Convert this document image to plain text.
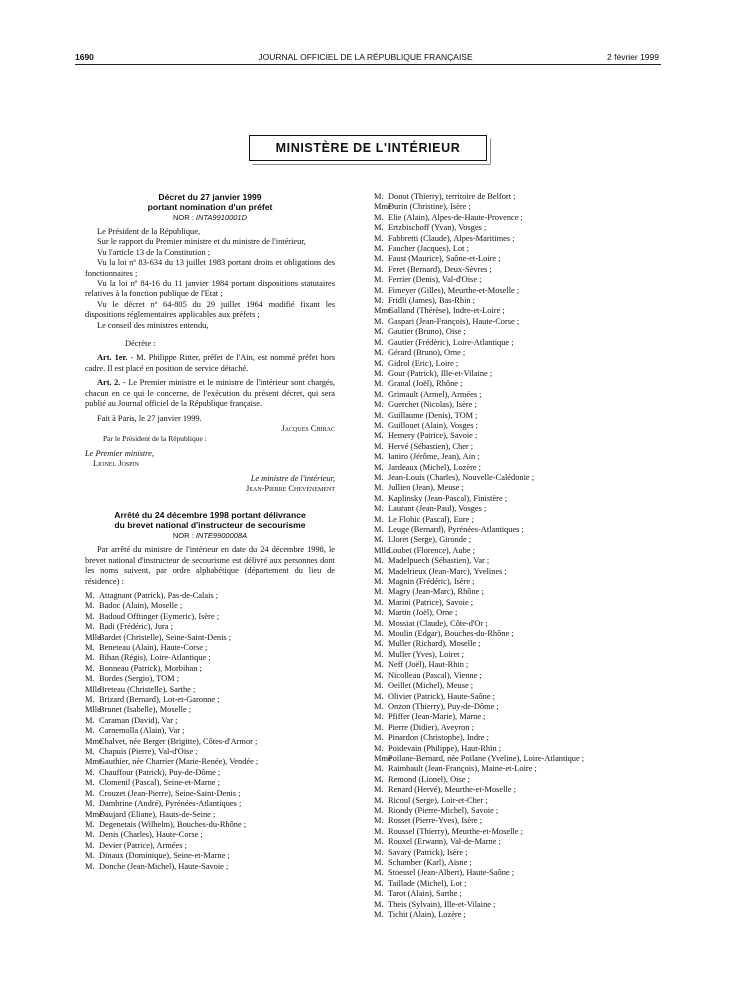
1690	JOURNAL OFFICIEL DE LA RÉPUBLIQUE FRANÇAISE	2 février 1999
MINISTÈRE DE L'INTÉRIEUR
Décret du 27 janvier 1999
portant nomination d'un préfet
NOR : INTA9910001D

Le Président de la République,

Sur le rapport du Premier ministre et du ministre de l'intérieur,

Vu l'article 13 de la Constitution ;

Vu la loi nº 83-634 du 13 juillet 1983 portant droits et obligations des fonctionnaires ;

Vu la loi nº 84-16 du 11 janvier 1984 portant dispositions statutaires relatives à la fonction publique de l'Etat ;

Vu le décret nº 64-805 du 29 juillet 1964 modifié fixant les dispositions réglementaires applicables aux préfets ;

Le conseil des ministres entendu,

Décrète :

Art. 1er. - M. Philippe Ritter, préfet de l'Ain, est nommé préfet hors cadre. Il est placé en position de service détaché.

Art. 2. - Le Premier ministre et le ministre de l'intérieur sont chargés, chacun en ce qui le concerne, de l'exécution du présent décret, qui sera publié au Journal officiel de la République française.

Fait à Paris, le 27 janvier 1999.

Jacques Chirac

Par le Président de la République :

Le Premier ministre,

Lionel Jospin

Le ministre de l'intérieur,

Jean-Pierre Chevènement

Arrêté du 24 décembre 1998 portant délivrance
du brevet national d'instructeur de secourisme
NOR : INTE9900008A

Par arrêté du ministre de l'intérieur en date du 24 décembre 1998, le brevet national d'instructeur de secourisme est délivré aux personnes dont les noms suivent, par ordre alphabétique (département du lieu de résidence) :

M. Attagnant (Patrick), Pas-de-Calais ;
M. Badoc (Alain), Moselle ;
M. Badoud Offtinger (Eymeric), Isère ;
M. Badi (Frédéric), Jura ;
MlleBardet (Christelle), Seine-Saint-Denis ;
M. Beneteau (Alain), Haute-Corse ;
M. Bihan (Régis), Loire-Atlantique ;
M. Bonneau (Patrick), Morbihan ;
M. Bordes (Sergio), TOM ;
MlleBreteau (Christelle), Sarthe ;
M. Brizard (Bernard), Lot-et-Garonne ;
MlleBrunet (Isabelle), Moselle ;
M. Caraman (David), Var ;
M. Carnemolla (Alain), Var ;
MmeChalvet, née Berger (Brigitte), Côtes-d'Armor ;
M. Chapuis (Pierre), Val-d'Oise ;
MmeGauthier, née Charrier (Marie-Renée), Vendée ;
M. Chauffour (Patrick), Puy-de-Dôme ;
M. Clomenil (Pascal), Seine-et-Marne ;
M. Crouzet (Jean-Pierre), Seine-Saint-Denis ;
M. Dambrine (André), Pyrénées-Atlantiques ;
MmeDaujard (Eliane), Hauts-de-Seine ;
M. Degenetais (Wilhelm), Bouches-du-Rhône ;
M. Denis (Charles), Haute-Corse ;
M. Devier (Patrice), Armées ;
M. Dinaux (Dominique), Seine-et-Marne ;
M. Donche (Jean-Michel), Haute-Savoie ;
M. Donot (Thierry), territoire de Belfort ;
MmeDurin (Christine), Isère ;
M. Elie (Alain), Alpes-de-Haute-Provence ;
M. Ertzbischoff (Yvan), Vosges ;
M. Fabbretti (Claude), Alpes-Maritimes ;
M. Faucher (Jacques), Lot ;
M. Faust (Maurice), Saône-et-Loire ;
M. Feret (Bernard), Deux-Sèvres ;
M. Ferrier (Denis), Val-d'Oise ;
M. Fimeyer (Gilles), Meurthe-et-Moselle ;
M. Fridli (James), Bas-Rhin ;
MmeGalland (Thérèse), Indre-et-Loire ;
M. Gaspari (Jean-François), Haute-Corse ;
M. Gautier (Bruno), Oise ;
M. Gautier (Frédéric), Loire-Atlantique ;
M. Gérard (Bruno), Orne ;
M. Gidrol (Eric), Loire ;
M. Gour (Patrick), Ille-et-Vilaine ;
M. Granal (Joël), Rhône ;
M. Grimault (Armel), Armées ;
M. Guerchet (Nicolas), Isère ;
M. Guillaume (Denis), TOM ;
M. Guillouet (Alain), Vosges ;
M. Hemery (Patrice), Savoie ;
M. Hervé (Sébastien), Cher ;
M. Ianiro (Jérôme, Jean), Ain ;
M. Jardeaux (Michel), Lozère ;
M. Jean-Louis (Charles), Nouvelle-Calédonie ;
M. Jullien (Jean), Meuse ;
M. Kaplinsky (Jean-Pascal), Finistère ;
M. Laurant (Jean-Paul), Vosges ;
M. Le Flohic (Pascal), Eure ;
M. Leuge (Bernard), Pyrénées-Atlantiques ;
M. Lloret (Serge), Gironde ;
MlleLoubet (Florence), Aube ;
M. Madelpuech (Sébastien), Var ;
M. Madelrieux (Jean-Marc), Yvelines ;
M. Magnin (Frédéric), Isère ;
M. Magry (Jean-Marc), Rhône ;
M. Marini (Patrice), Savoie ;
M. Martin (Joël), Orne ;
M. Mossiat (Claude), Côte-d'Or ;
M. Moulin (Edgar), Bouches-du-Rhône ;
M. Muller (Richard), Moselle ;
M. Muller (Yves), Loiret ;
M. Neff (Joël), Haut-Rhin ;
M. Nicolleau (Pascal), Vienne ;
M. Oeillet (Michel), Meuse ;
M. Olivier (Patrick), Haute-Saône ;
M. Onzon (Thierry), Puy-de-Dôme ;
M. Pfiffer (Jean-Marie), Marne ;
M. Pierre (Didier), Aveyron ;
M. Pinardon (Christophe), Indre ;
M. Poidevain (Philippe), Haut-Rhin ;
MmePoilane-Bernard, née Poilane (Yveline), Loire-Atlantique ;
M. Raimbault (Jean-François), Maine-et-Loire ;
M. Remond (Lionel), Oise ;
M. Renard (Hervé), Meurthe-et-Moselle ;
M. Ricoul (Serge), Loir-et-Cher ;
M. Riondy (Pierre-Michel), Savoie ;
M. Rosset (Pierre-Yves), Isère ;
M. Roussel (Thierry), Meurthe-et-Moselle ;
M. Rouxel (Erwann), Val-de-Marne ;
M. Savary (Patrick), Isère ;
M. Schamber (Karl), Aisne ;
M. Stoessel (Jean-Albert), Haute-Saône ;
M. Taillade (Michel), Lot ;
M. Tarot (Alain), Sarthe ;
M. Theis (Sylvain), Ille-et-Vilaine ;
M. Tichit (Alain), Lozère ;
